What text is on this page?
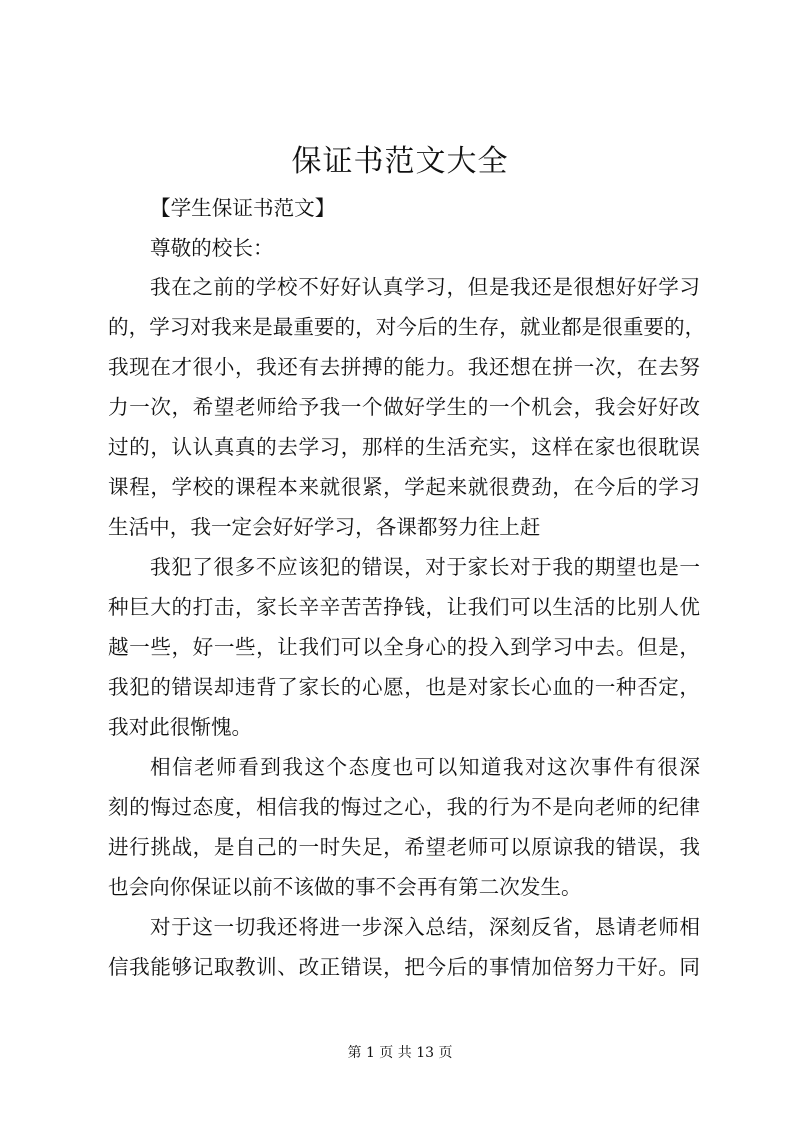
保证书范文大全

【学生保证书范文】

尊敬的校长：

我在之前的学校不好好认真学习，但是我还是很想好好学习

的，学习对我来是最重要的，对今后的生存，就业都是很重要的，

我现在才很小，我还有去拼搏的能力。我还想在拼一次，在去努

力一次，希望老师给予我一个做好学生的一个机会，我会好好改

过的，认认真真的去学习，那样的生活充实，这样在家也很耽误

课程，学校的课程本来就很紧，学起来就很费劲，在今后的学习

生活中，我一定会好好学习，各课都努力往上赶

我犯了很多不应该犯的错误，对于家长对于我的期望也是一

种巨大的打击，家长辛辛苦苦挣钱，让我们可以生活的比别人优

越一些，好一些，让我们可以全身心的投入到学习中去。但是，

我犯的错误却违背了家长的心愿，也是对家长心血的一种否定，

我对此很惭愧。

相信老师看到我这个态度也可以知道我对这次事件有很深

刻的悔过态度，相信我的悔过之心，我的行为不是向老师的纪律

进行挑战，是自己的一时失足，希望老师可以原谅我的错误，我

也会向你保证以前不该做的事不会再有第二次发生。

对于这一切我还将进一步深入总结，深刻反省，恳请老师相

信我能够记取教训、改正错误，把今后的事情加倍努力干好。同

第 1 页 共 13 页
